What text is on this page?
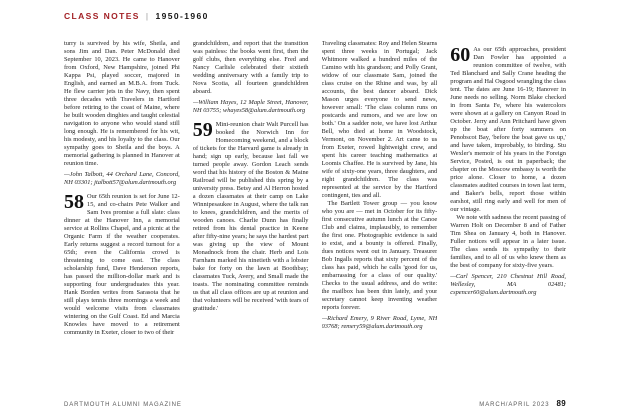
CLASS NOTES | 1950-1960

turry is survived by his wife, Sheila, and sons Jim and Dan. Peter McDonald died September 10, 2023. He came to Hanover from Oxford, New Hampshire, joined Phi Kappa Psi, played soccer, majored in English, and earned an M.B.A. from Tuck. He flew carrier jets in the Navy, then spent three decades with Travelers in Hartford before retiring to the coast of Maine, where he built wooden dinghies and taught celestial navigation to anyone who would stand still long enough. He is remembered for his wit, his modesty, and his loyalty to the class. Our sympathy goes to Sheila and the boys. A memorial gathering is planned in Hanover at reunion time.

—John Talbott, 44 Orchard Lane, Concord, NH 03301; jtalbott57@alum.dartmouth.org

58 Our 65th reunion is set for June 12-15, and co-chairs Pete Walker and Sam Ives promise a full slate: class dinner at the Hanover Inn, a memorial service at Rollins Chapel, and a picnic at the Organic Farm if the weather cooperates. Early returns suggest a record turnout for a 65th; even the California crowd is threatening to come east. The class scholarship fund, Dave Henderson reports, has passed the million-dollar mark and is supporting four undergraduates this year. Hank Borden writes from Sarasota that he still plays tennis three mornings a week and would welcome visits from classmates wintering on the Gulf Coast. Ed and Marcia Knowles have moved to a retirement community in Exeter, closer to two of their

grandchildren, and report that the transition was painless: the books went first, then the golf clubs, then everything else. Fred and Nancy Carlisle celebrated their sixtieth wedding anniversary with a family trip to Nova Scotia, all fourteen grandchildren aboard.

—William Hayes, 12 Maple Street, Hanover, NH 03755; whayes58@alum.dartmouth.org

59 Mini-reunion chair Walt Purcell has booked the Norwich Inn for Homecoming weekend, and a block of tickets for the Harvard game is already in hand; sign up early, because last fall we turned people away. Gordon Leach sends word that his history of the Boston & Maine Railroad will be published this spring by a university press. Betsy and Al Herron hosted a dozen classmates at their camp on Lake Winnipesaukee in August, where the talk ran to knees, grandchildren, and the merits of wooden canoes. Charlie Dunn has finally retired from his dental practice in Keene after fifty-nine years; he says the hardest part was giving up the view of Mount Monadnock from the chair. Herb and Lois Farnham marked his ninetieth with a lobster bake for forty on the lawn at Boothbay; classmates Tuck, Avery, and Small made the toasts. The nominating committee reminds us that all class offices are up at reunion and that volunteers will be received 'with tears of gratitude.'

Traveling classmates: Roy and Helen Stearns spent three weeks in Portugal; Jack Whitmore walked a hundred miles of the Camino with his grandson; and Polly Grant, widow of our classmate Sam, joined the class cruise on the Rhine and was, by all accounts, the best dancer aboard. Dick Mason urges everyone to send news, however small: 'The class column runs on postcards and rumors, and we are low on both.' On a sadder note, we have lost Arthur Bell, who died at home in Woodstock, Vermont, on November 2. Art came to us from Exeter, rowed lightweight crew, and spent his career teaching mathematics at Loomis Chaffee. He is survived by Jane, his wife of sixty-one years, three daughters, and eight grandchildren. The class was represented at the service by the Hartford contingent, ties and all.

The Bartlett Tower group — you know who you are — met in October for its fifty-first consecutive autumn lunch at the Canoe Club and claims, implausibly, to remember the first one. Photographic evidence is said to exist, and a bounty is offered. Finally, dues notices went out in January. Treasurer Bob Ingalls reports that sixty percent of the class has paid, which he calls 'good for us, embarrassing for a class of our quality.' Checks to the usual address, and do write: the mailbox has been thin lately, and your secretary cannot keep inventing weather reports forever.

—Richard Emery, 9 River Road, Lyme, NH 03768; remery59@alum.dartmouth.org

60 As our 65th approaches, president Dan Fowler has appointed a reunion committee of twelve, with Ted Blanchard and Sally Crane heading the program and Hal Osgood wrangling the class tent. The dates are June 16-19; Hanover in June needs no selling. Norm Blake checked in from Santa Fe, where his watercolors were shown at a gallery on Canyon Road in October. Jerry and Ann Pritchard have given up the boat after forty summers on Penobscot Bay, 'before the boat gave us up,' and have taken, improbably, to birding. Stu Wexler's memoir of his years in the Foreign Service, Posted, is out in paperback; the chapter on the Moscow embassy is worth the price alone. Closer to home, a dozen classmates audited courses in town last term, and Baker's bells, report those within earshot, still ring early and well for men of our vintage.

We note with sadness the recent passing of Warren Holt on December 8 and of Father Tim Shea on January 4, both in Hanover. Fuller notices will appear in a later issue. The class sends its sympathy to their families, and to all of us who knew them as the best of company for sixty-five years.

—Carl Spencer, 210 Chestnut Hill Road, Wellesley, MA 02481; cspencer60@alum.dartmouth.org

DARTMOUTH ALUMNI MAGAZINE	MARCH/APRIL 2023 89
